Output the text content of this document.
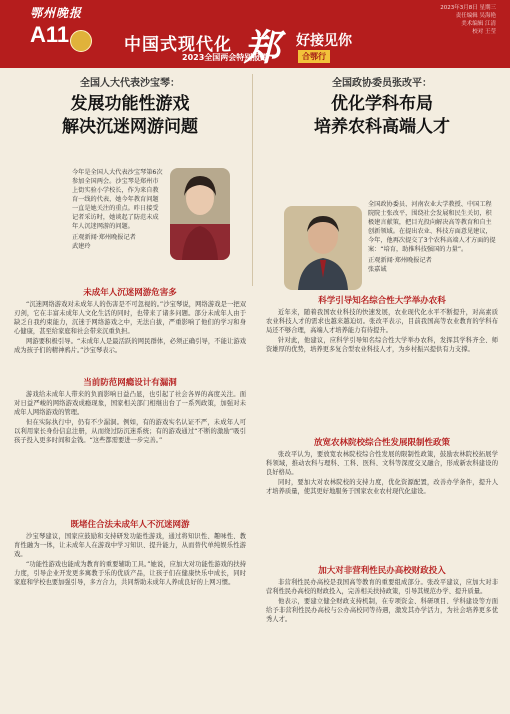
鄂州晚报
A11
2023年3月8日 星期三
责任编辑 吴海艳
美术编辑 江清
校对 王莹
中国式现代化 郑 好接见你
2023全国两会特别报道	合鄂行
全国人大代表沙宝琴：
发展功能性游戏
解决沉迷网游问题
全国政协委员张改平：
优化学科布局
培养农科高端人才
今年是全国人大代表沙宝琴第6次参加全国两会。沙宝琴是郑州市上街实验小学校长，作为来自教育一线的代表，她今年教育问题一直是她关注的重点。昨日接受记者采访时，她谈起了防范未成年人沉迷网游的问题。
正观新闻·郑州晚报记者
武建玲
全国政协委员、河南农业大学教授、中国工程院院士张改平，围绕社会发展和民生关切，积极建言献策，把目光投向解决高等教育和自主创新领域。在提出农业、科技方面意见建议，今年，他再次提交了3个农科高端人才方面的提案：“培育，助推科技强国的力量”。
正观新闻·郑州晚报记者
张嘉诚
未成年人沉迷网游危害多

“沉迷网络游戏对未成年人的伤害是不可忽视的。”沙宝琴说，网络游戏是一把双刃剑，它在丰富未成年人文化生活的同时，也带来了诸多问题。部分未成年人由于缺乏自我约束能力，沉迷于网络游戏之中，无法自拔，严重影响了他们的学习和身心健康，甚至给家庭和社会带来沉重负担。

网游要积极引导。“未成年人是最活跃的网民群体，必须正确引导，不能让游戏成为孩子们的精神鸦片。”沙宝琴表示。

当前防范网瘾设计有漏洞

游戏给未成年人带来的负面影响日益凸显，也引起了社会各界的高度关注。面对日益严峻的网络游戏成瘾现象，国家相关部门相继出台了一系列政策，加强对未成年人网络游戏的管理。

但在实际执行中，仍有不少漏洞。例如，有的游戏实名认证不严，未成年人可以利用家长身份信息注册，从而绕过防沉迷系统；有的游戏通过“不断的激励”吸引孩子投入更多时间和金钱。“这些都需要进一步完善。”

既堵住合法未成年人不沉迷网游

沙宝琴建议，国家应鼓励和支持研发功能性游戏，通过将知识性、趣味性、教育性融为一体，让未成年人在游戏中学习知识、提升能力，从而替代单纯娱乐性游戏。

“功能性游戏也能成为教育的重要辅助工具。”她说，应加大对功能性游戏的扶持力度，引导企业开发更多寓教于乐的优质产品，让孩子们在健康快乐中成长，同时家庭和学校也要加强引导，多方合力，共同帮助未成年人养成良好的上网习惯。

科学引导知名综合性大学举办农科

近年来，随着我国农业科技的快速发展，农业现代化水平不断提升，对高素质农业科技人才的需求也越来越迫切。张改平表示，目前我国高等农业教育的学科布局还不够合理，高端人才培养能力有待提升。

针对此，他建议，应科学引导知名综合性大学举办农科，发挥其学科齐全、师资雄厚的优势，培养更多复合型农业科技人才，为乡村振兴提供有力支撑。

放宽农林院校综合性发展限制性政策

张改平认为，要放宽农林院校综合性发展的限制性政策，鼓励农林院校拓展学科领域，推动农科与理科、工科、医科、文科等深度交叉融合，形成新农科建设的良好格局。

同时，要加大对农林院校的支持力度，优化资源配置，改善办学条件，提升人才培养质量，使其更好地服务于国家农业农村现代化建设。

加大对非营利性民办高校财政投入

非营利性民办高校是我国高等教育的重要组成部分。张改平建议，应加大对非营利性民办高校的财政投入，完善相关扶持政策，引导其规范办学、提升质量。

他表示，要建立健全财政支持机制，在专项资金、科研项目、学科建设等方面给予非营利性民办高校与公办高校同等待遇，激发其办学活力，为社会培养更多优秀人才。
